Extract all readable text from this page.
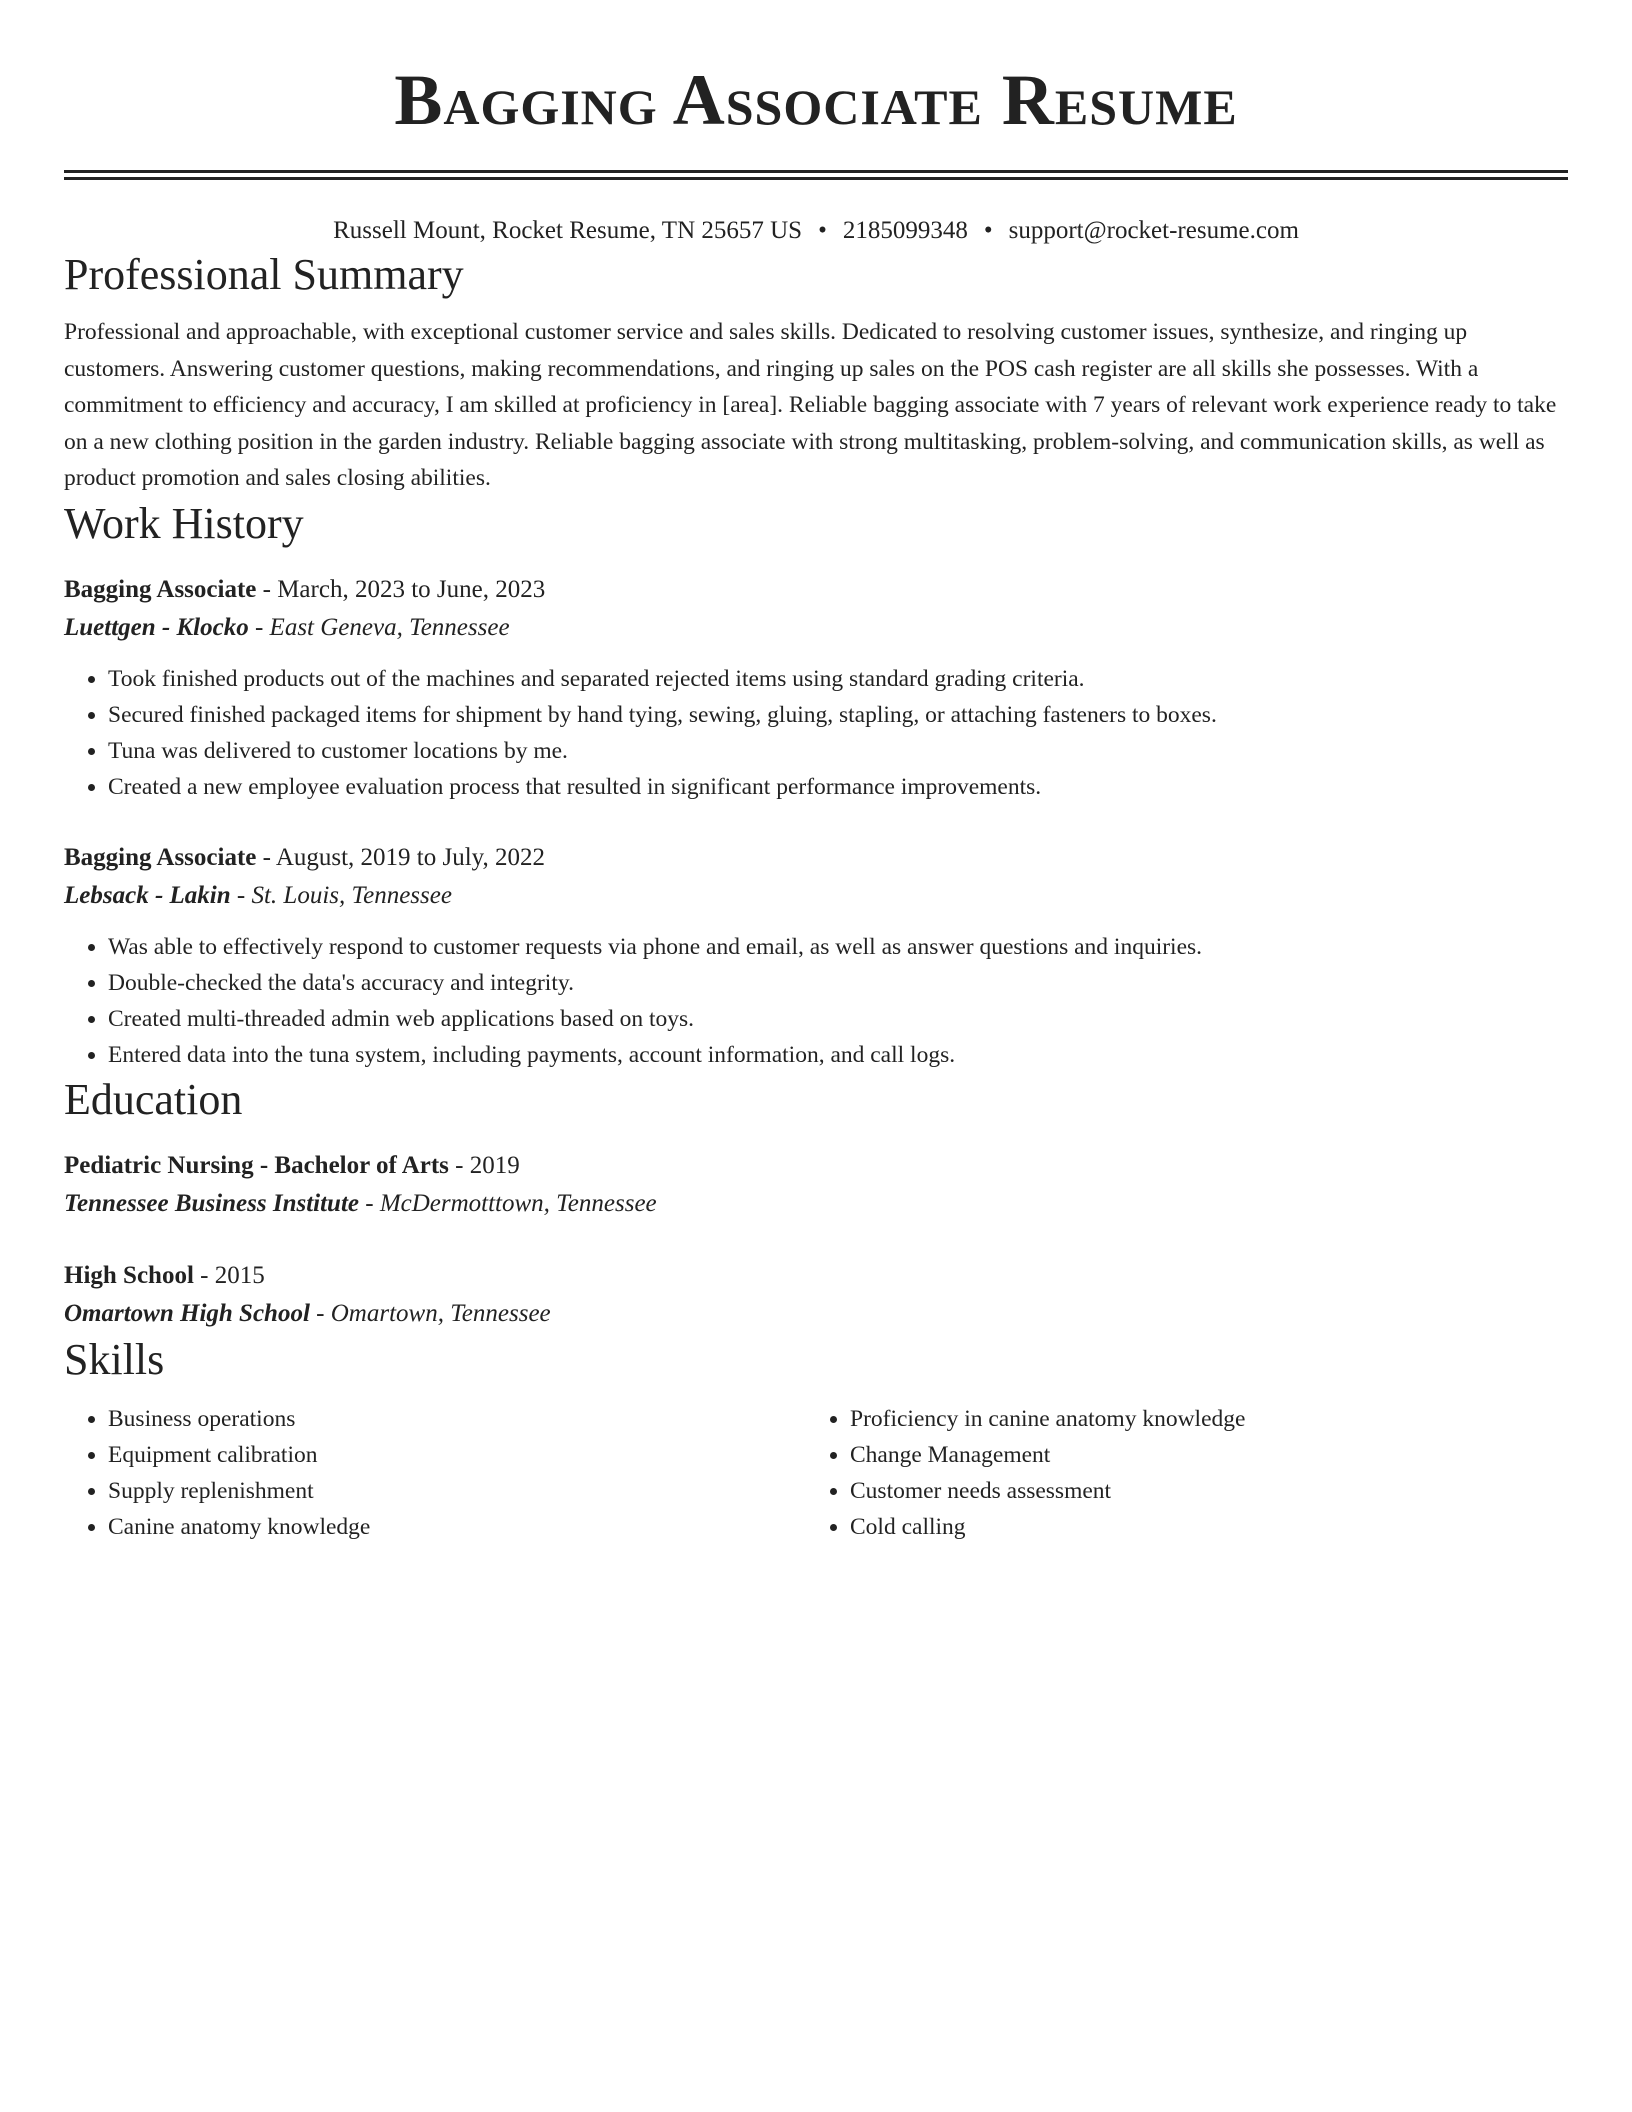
Bagging Associate Resume
Russell Mount, Rocket Resume, TN 25657 US • 2185099348 • support@rocket-resume.com
Professional Summary

Professional and approachable, with exceptional customer service and sales skills. Dedicated to resolving customer issues, synthesize, and ringing up customers. Answering customer questions, making recommendations, and ringing up sales on the POS cash register are all skills she possesses. With a commitment to efficiency and accuracy, I am skilled at proficiency in [area]. Reliable bagging associate with 7 years of relevant work experience ready to take on a new clothing position in the garden industry. Reliable bagging associate with strong multitasking, problem-solving, and communication skills, as well as product promotion and sales closing abilities.

Work History
Bagging Associate - March, 2023 to June, 2023
Luettgen - Klocko - East Geneva, Tennessee
• Took finished products out of the machines and separated rejected items using standard grading criteria.
• Secured finished packaged items for shipment by hand tying, sewing, gluing, stapling, or attaching fasteners to boxes.
• Tuna was delivered to customer locations by me.
• Created a new employee evaluation process that resulted in significant performance improvements.
Bagging Associate - August, 2019 to July, 2022
Lebsack - Lakin - St. Louis, Tennessee
• Was able to effectively respond to customer requests via phone and email, as well as answer questions and inquiries.
• Double-checked the data's accuracy and integrity.
• Created multi-threaded admin web applications based on toys.
• Entered data into the tuna system, including payments, account information, and call logs.
Education
Pediatric Nursing - Bachelor of Arts - 2019
Tennessee Business Institute - McDermotttown, Tennessee
High School - 2015
Omartown High School - Omartown, Tennessee
Skills
• Business operations
• Equipment calibration
• Supply replenishment
• Canine anatomy knowledge
• Proficiency in canine anatomy knowledge
• Change Management
• Customer needs assessment
• Cold calling
